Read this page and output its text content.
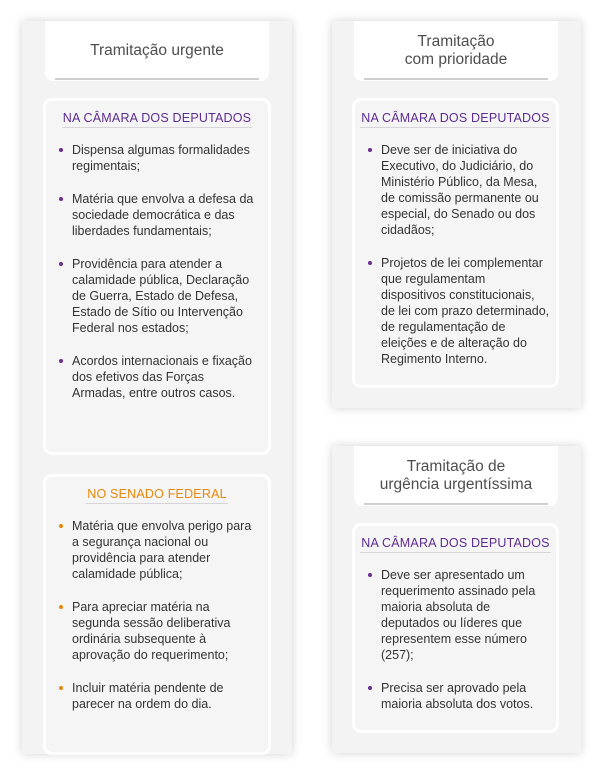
Tramitação urgente
NA CÂMARA DOS DEPUTADOS
Dispensa algumas formalidades regimentais;
Matéria que envolva a defesa da sociedade democrática e das liberdades fundamentais;
Providência para atender a calamidade pública, Declaração de Guerra, Estado de Defesa, Estado de Sítio ou Intervenção Federal nos estados;
Acordos internacionais e fixação dos efetivos das Forças Armadas, entre outros casos.
NO SENADO FEDERAL
Matéria que envolva perigo para a segurança nacional ou providência para atender calamidade pública;
Para apreciar matéria na segunda sessão deliberativa ordinária subsequente à aprovação do requerimento;
Incluir matéria pendente de parecer na ordem do dia.
Tramitação
com prioridade
NA CÂMARA DOS DEPUTADOS
Deve ser de iniciativa do Executivo, do Judiciário, do Ministério Público, da Mesa, de comissão permanente ou especial, do Senado ou dos cidadãos;
Projetos de lei complementar que regulamentam dispositivos constitucionais, de lei com prazo determinado, de regulamentação de eleições e de alteração do Regimento Interno.
Tramitação de
urgência urgentíssima
NA CÂMARA DOS DEPUTADOS
Deve ser apresentado um requerimento assinado pela maioria absoluta de deputados ou líderes que representem esse número (257);
Precisa ser aprovado pela maioria absoluta dos votos.
